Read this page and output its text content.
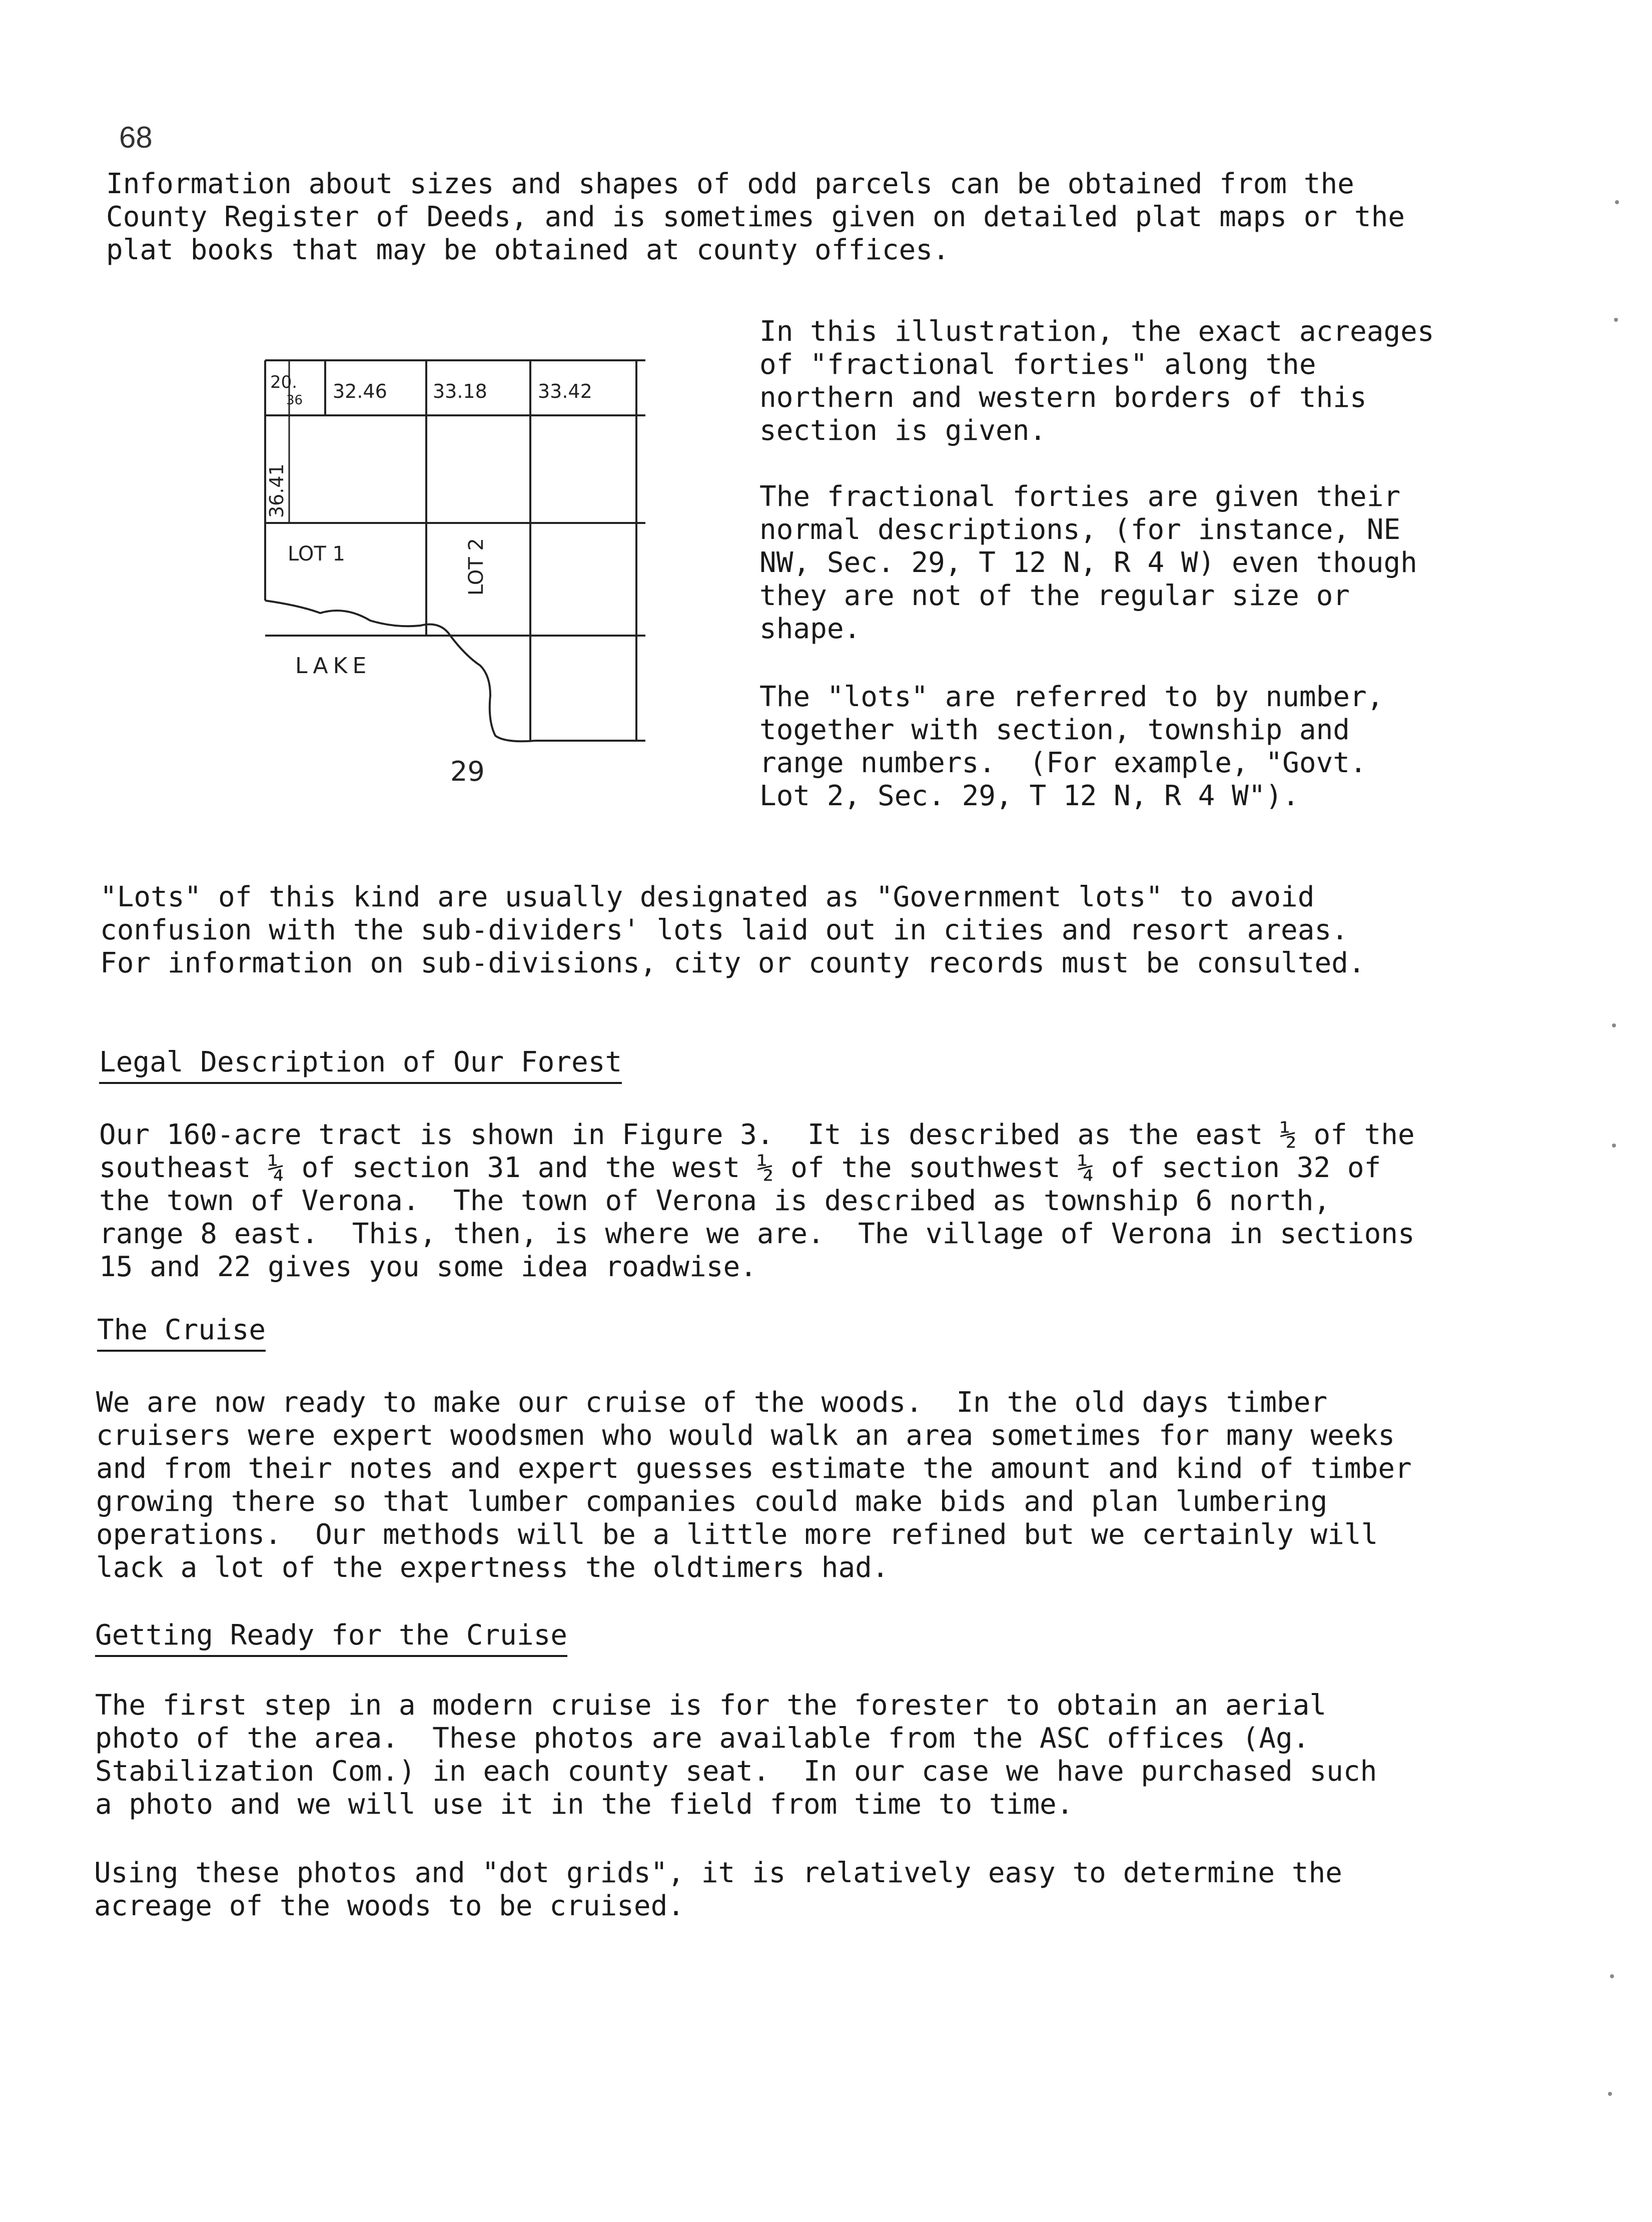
68
Information about sizes and shapes of odd parcels can be obtained from the
County Register of Deeds, and is sometimes given on detailed plat maps or the
plat books that may be obtained at county offices.
20.
36 32.46 33.18	33.42
36.41
LOT 1	LOT 2
LAKE
29
In this illustration, the exact acreages
of "fractional forties" along the
northern and western borders of this
section is given.
The fractional forties are given their
normal descriptions, (for instance, NE
NW, Sec. 29, T 12 N, R 4 W) even though
they are not of the regular size or
shape.
The "lots" are referred to by number,
together with section, township and
range numbers.  (For example, "Govt.
Lot 2, Sec. 29, T 12 N, R 4 W").
"Lots" of this kind are usually designated as "Government lots" to avoid
confusion with the sub-dividers' lots laid out in cities and resort areas.
For information on sub-divisions, city or county records must be consulted.
Legal Description of Our Forest
Our 160-acre tract is shown in Figure 3.  It is described as the east ½ of the
southeast ¼ of section 31 and the west ½ of the southwest ¼ of section 32 of
the town of Verona.  The town of Verona is described as township 6 north,
range 8 east.  This, then, is where we are.  The village of Verona in sections
15 and 22 gives you some idea roadwise.
The Cruise
We are now ready to make our cruise of the woods.  In the old days timber
cruisers were expert woodsmen who would walk an area sometimes for many weeks
and from their notes and expert guesses estimate the amount and kind of timber
growing there so that lumber companies could make bids and plan lumbering
operations.  Our methods will be a little more refined but we certainly will
lack a lot of the expertness the oldtimers had.
Getting Ready for the Cruise
The first step in a modern cruise is for the forester to obtain an aerial
photo of the area.  These photos are available from the ASC offices (Ag.
Stabilization Com.) in each county seat.  In our case we have purchased such
a photo and we will use it in the field from time to time.
Using these photos and "dot grids", it is relatively easy to determine the
acreage of the woods to be cruised.
